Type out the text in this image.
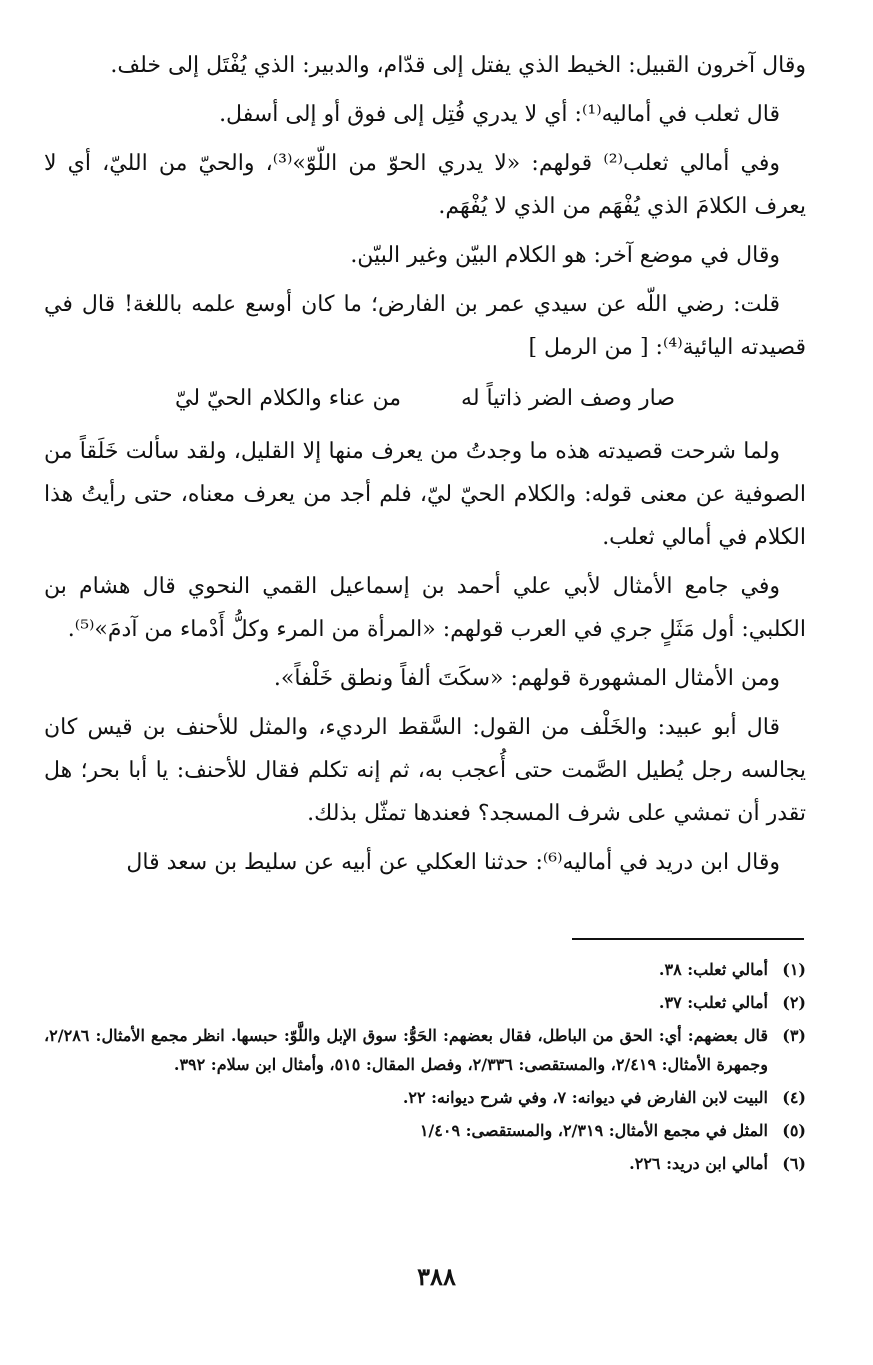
وقال آخرون القبيل: الخيط الذي يفتل إلى قدّام، والدبير: الذي يُفْتَل إلى خلف.

قال ثعلب في أماليه⁽¹⁾: أي لا يدري فُتِل إلى فوق أو إلى أسفل.

وفي أمالي ثعلب⁽²⁾ قولهم: «لا يدري الحوّ من اللّوّ»⁽³⁾، والحيّ من الليّ، أي لا يعرف الكلامَ الذي يُفْهَم من الذي لا يُفْهَم.

وقال في موضع آخر: هو الكلام البيّن وغير البيّن.

قلت: رضي اللّه عن سيدي عمر بن الفارض؛ ما كان أوسع علمه باللغة! قال في قصيدته اليائية⁽⁴⁾: [ من الرمل ]

صار وصف الضر ذاتياً له
من عناء والكلام الحيّ ليّ

ولما شرحت قصيدته هذه ما وجدتُ من يعرف منها إلا القليل، ولقد سألت خَلَقاً من الصوفية عن معنى قوله: والكلام الحيّ ليّ، فلم أجد من يعرف معناه، حتى رأيتُ هذا الكلام في أمالي ثعلب.

وفي جامع الأمثال لأبي علي أحمد بن إسماعيل القمي النحوي قال هشام بن الكلبي: أول مَثَلٍ جري في العرب قولهم: «المرأة من المرء وكلُّ أَدْماء من آدمَ»⁽⁵⁾.

ومن الأمثال المشهورة قولهم: «سكَتَ ألفاً ونطق خَلْفاً».

قال أبو عبيد: والخَلْف من القول: السَّقط الرديء، والمثل للأحنف بن قيس كان يجالسه رجل يُطيل الصَّمت حتى أُعجب به، ثم إنه تكلم فقال للأحنف: يا أبا بحر؛ هل تقدر أن تمشي على شرف المسجد؟ فعندها تمثّل بذلك.

وقال ابن دريد في أماليه⁽⁶⁾: حدثنا العكلي عن أبيه عن سليط بن سعد قال

(١)
أمالي ثعلب: ٣٨.
(٢)
أمالي ثعلب: ٣٧.
(٣)
قال بعضهم: أي: الحق من الباطل، فقال بعضهم: الحَوُّ: سوق الإبل واللَّوّ: حبسها. انظر مجمع الأمثال: ٢/٢٨٦، وجمهرة الأمثال: ٢/٤١٩، والمستقصى: ٢/٣٣٦، وفصل المقال: ٥١٥، وأمثال ابن سلام: ٣٩٢.
(٤)
البيت لابن الفارض في ديوانه: ٧، وفي شرح ديوانه: ٢٢.
(٥)
المثل في مجمع الأمثال: ٢/٣١٩، والمستقصى: ١/٤٠٩
(٦)
أمالي ابن دريد: ٢٢٦.
٣٨٨
